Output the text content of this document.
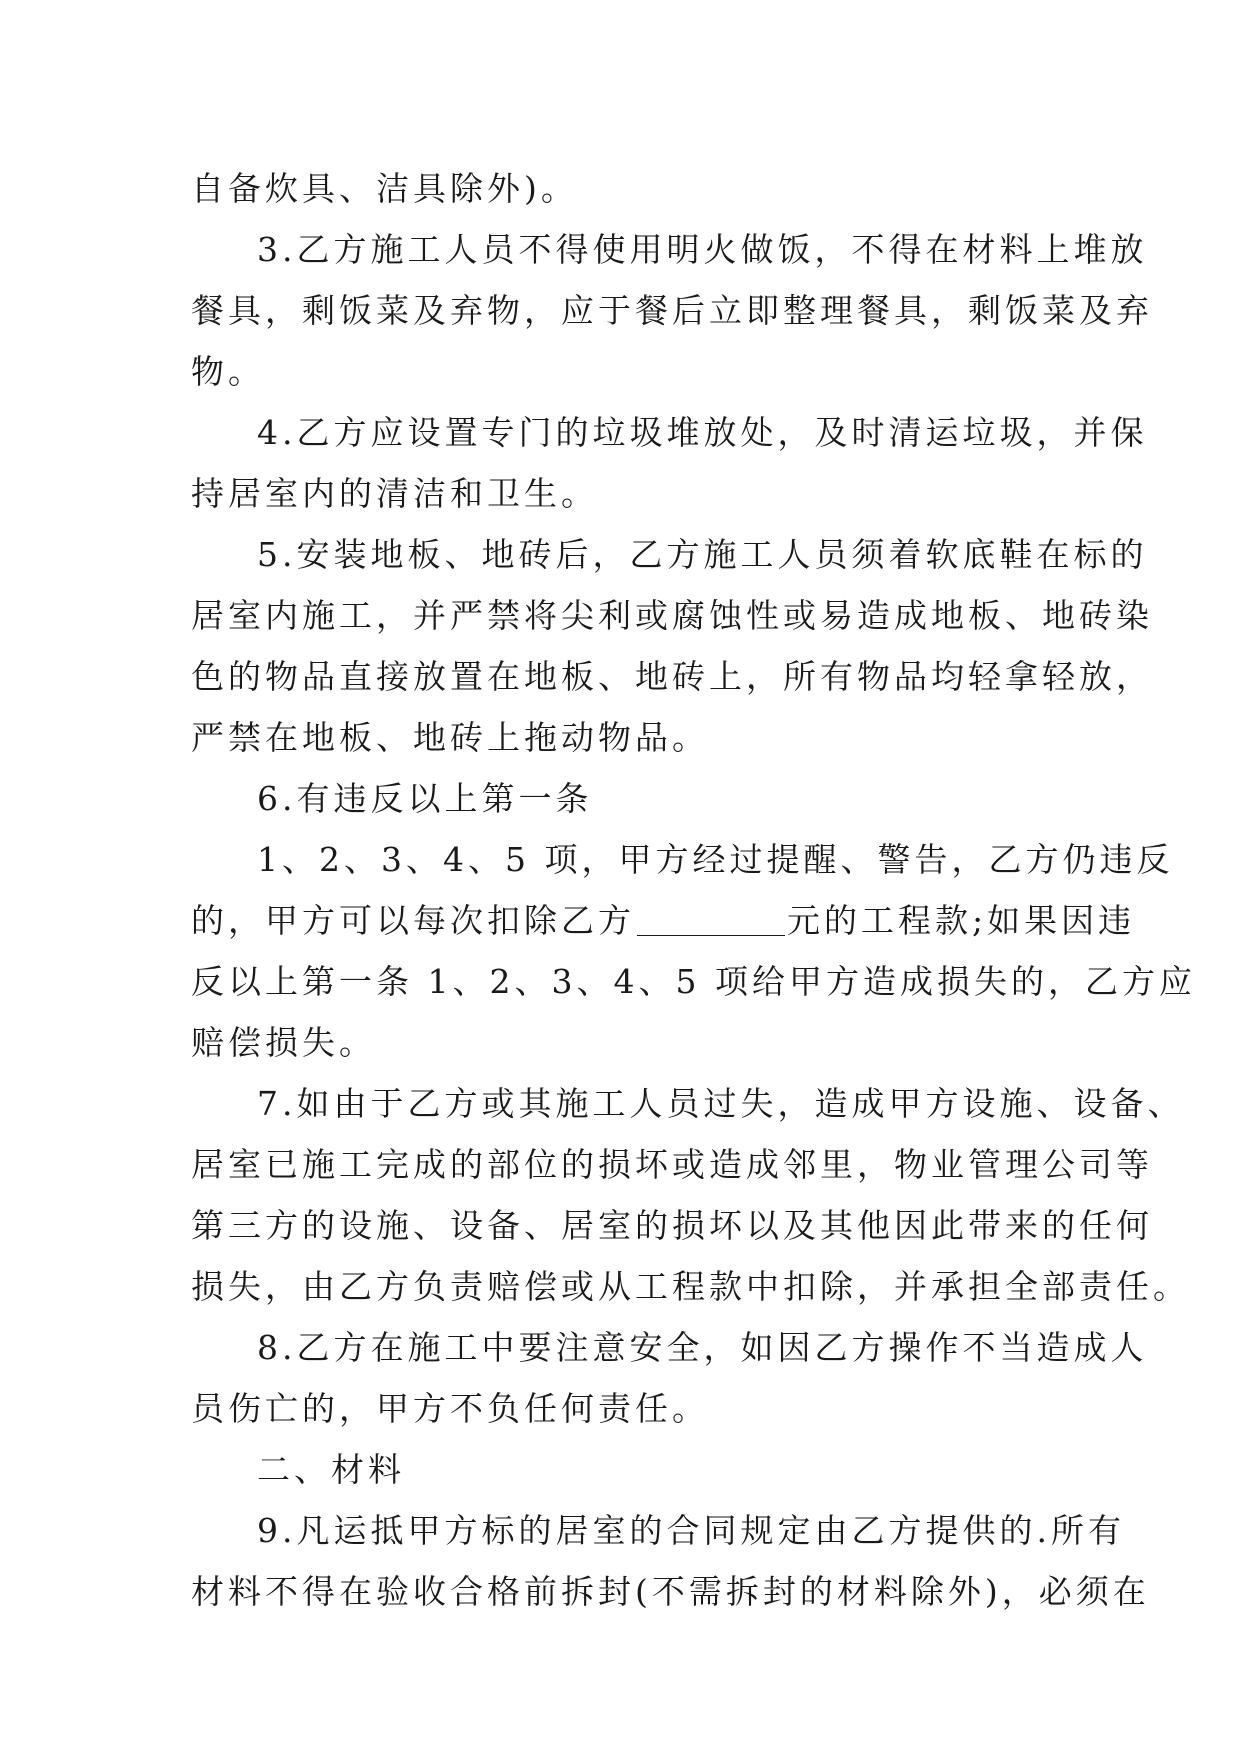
自备炊具、洁具除外)。
3.乙方施工人员不得使用明火做饭，不得在材料上堆放
餐具，剩饭菜及弃物，应于餐后立即整理餐具，剩饭菜及弃
物。
4.乙方应设置专门的垃圾堆放处，及时清运垃圾，并保
持居室内的清洁和卫生。
5.安装地板、地砖后，乙方施工人员须着软底鞋在标的
居室内施工，并严禁将尖利或腐蚀性或易造成地板、地砖染
色的物品直接放置在地板、地砖上，所有物品均轻拿轻放，
严禁在地板、地砖上拖动物品。
6.有违反以上第一条
1、2、3、4、5 项，甲方经过提醒、警告，乙方仍违反
的，甲方可以每次扣除乙方	元的工程款;如果因违
反以上第一条 1、2、3、4、5 项给甲方造成损失的，乙方应
赔偿损失。
7.如由于乙方或其施工人员过失，造成甲方设施、设备、
居室已施工完成的部位的损坏或造成邻里，物业管理公司等
第三方的设施、设备、居室的损坏以及其他因此带来的任何
损失，由乙方负责赔偿或从工程款中扣除，并承担全部责任。
8.乙方在施工中要注意安全，如因乙方操作不当造成人
员伤亡的，甲方不负任何责任。
二、材料
9.凡运抵甲方标的居室的合同规定由乙方提供的.所有
材料不得在验收合格前拆封(不需拆封的材料除外)，必须在
